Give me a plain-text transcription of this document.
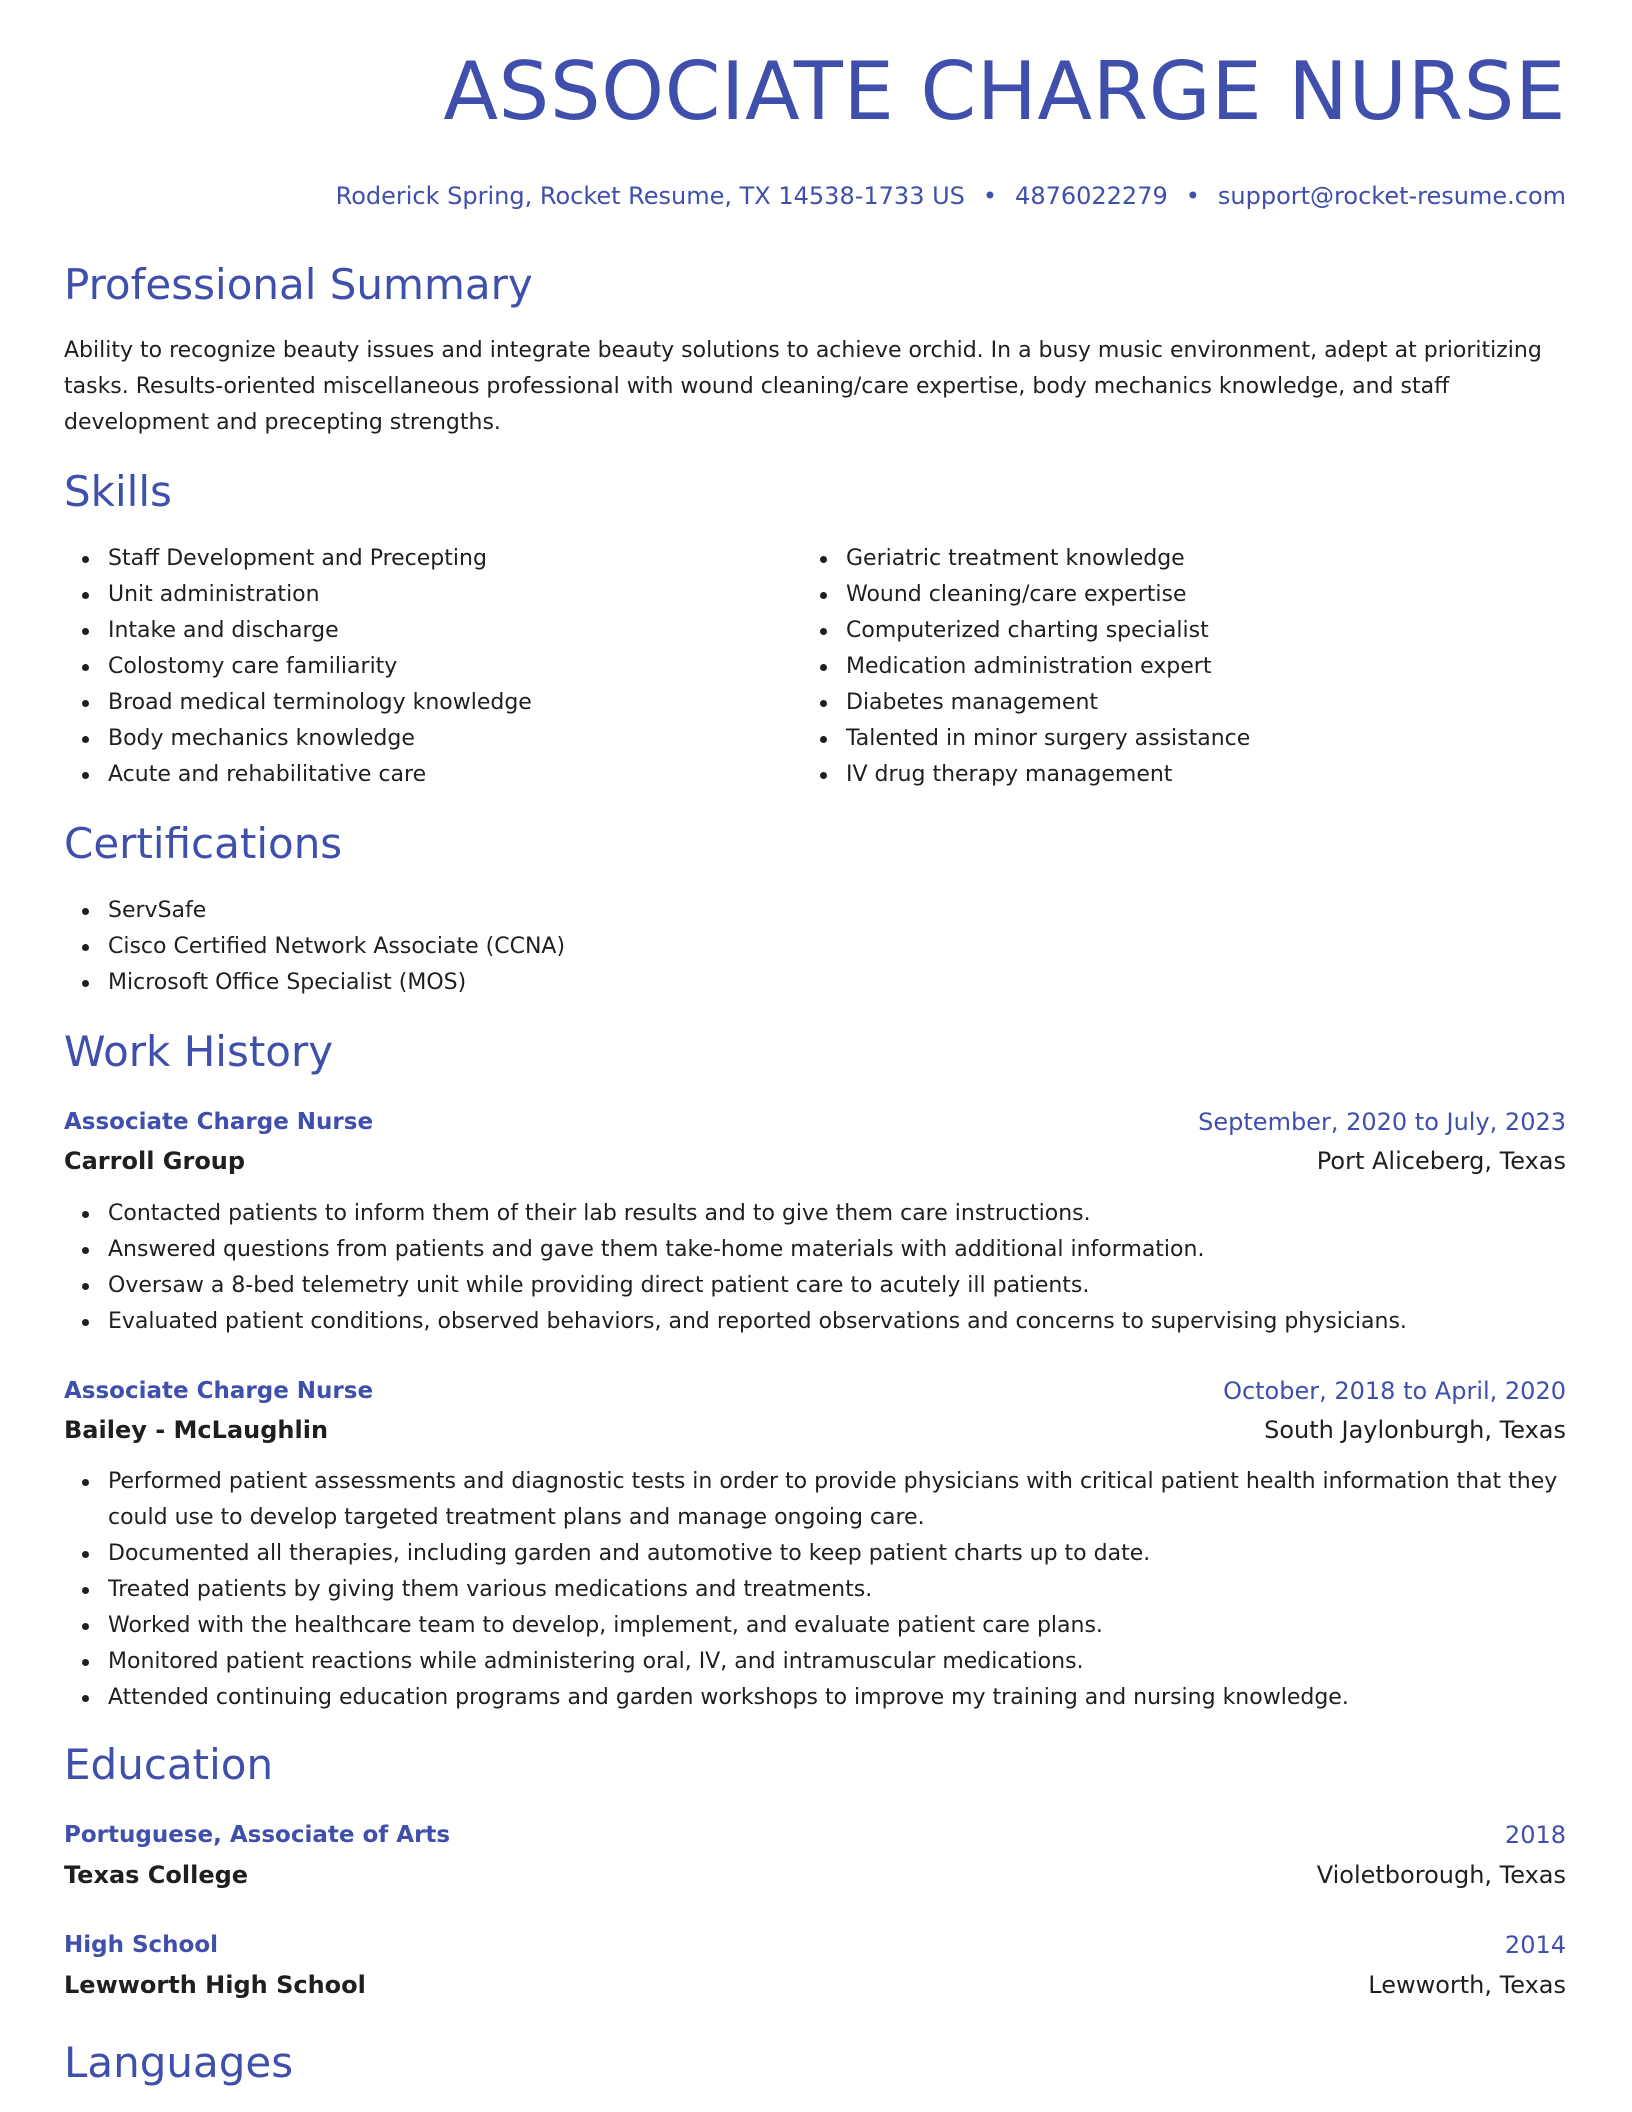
ASSOCIATE CHARGE NURSE
Roderick Spring, Rocket Resume, TX 14538-1733 US • 4876022279 • support@rocket-resume.com
Professional Summary

Ability to recognize beauty issues and integrate beauty solutions to achieve orchid. In a busy music environment, adept at prioritizing tasks. Results-oriented miscellaneous professional with wound cleaning/care expertise, body mechanics knowledge, and staff development and precepting strengths.

Skills
Staff Development and Precepting
Unit administration
Intake and discharge
Colostomy care familiarity
Broad medical terminology knowledge
Body mechanics knowledge
Acute and rehabilitative care
Geriatric treatment knowledge
Wound cleaning/care expertise
Computerized charting specialist
Medication administration expert
Diabetes management
Talented in minor surgery assistance
IV drug therapy management
Certifications
ServSafe
Cisco Certified Network Associate (CCNA)
Microsoft Office Specialist (MOS)
Work History
Associate Charge Nurse	September, 2020 to July, 2023
Carroll Group	Port Aliceberg, Texas
Contacted patients to inform them of their lab results and to give them care instructions.
Answered questions from patients and gave them take-home materials with additional information.
Oversaw a 8-bed telemetry unit while providing direct patient care to acutely ill patients.
Evaluated patient conditions, observed behaviors, and reported observations and concerns to supervising physicians.
Associate Charge Nurse	October, 2018 to April, 2020
Bailey - McLaughlin	South Jaylonburgh, Texas
Performed patient assessments and diagnostic tests in order to provide physicians with critical patient health information that they could use to develop targeted treatment plans and manage ongoing care.
Documented all therapies, including garden and automotive to keep patient charts up to date.
Treated patients by giving them various medications and treatments.
Worked with the healthcare team to develop, implement, and evaluate patient care plans.
Monitored patient reactions while administering oral, IV, and intramuscular medications.
Attended continuing education programs and garden workshops to improve my training and nursing knowledge.
Education
Portuguese, Associate of Arts	2018
Texas College	Violetborough, Texas
High School	2014
Lewworth High School	Lewworth, Texas
Languages
